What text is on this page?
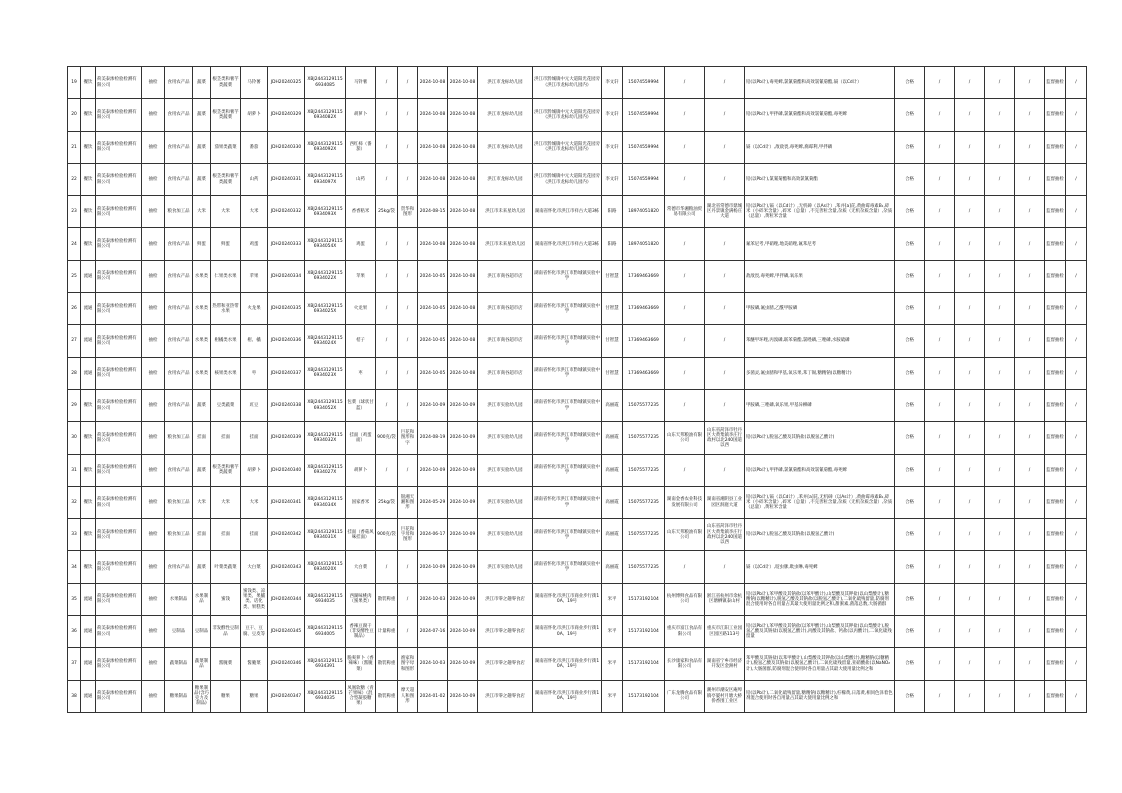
19	餐饮	荷美泰渗检验检测有限公司	抽检	食用农产品	蔬菜	根茎类和薯芋类蔬菜	马铃薯	JDH20240325	XBJ24431291156934085	马铃薯	/	/	2024-10-08	2024-10-08	洪江市龙标幼儿园	洪江市黔城镇中元大道阳光花园旁（洪江市龙标幼儿园内）	李文轩	15074559994	/	/	铅(以Pb计),毒死蜱,氯氰菊酯和高效氯氰菊酯,镉（以Cd计）	合格	/	/	/	/	监督抽检	/
20	餐饮	荷美泰渗检验检测有限公司	抽检	食用农产品	蔬菜	根茎类和薯芋类蔬菜	胡萝卜	JDH20240329	XBJ24431291156934082X	胡萝卜	/	/	2024-10-08	2024-10-08	洪江市龙标幼儿园	洪江市黔城镇中元大道阳光花园旁（洪江市龙标幼儿园内）	李文轩	15074559994	/	/	铅(以Pb计),甲拌磷,氯氰菊酯和高效氯氰菊酯,毒死蜱	合格	/	/	/	/	监督抽检	/
21	餐饮	荷美泰渗检验检测有限公司	抽检	食用农产品	蔬菜	茄果类蔬菜	番茄	JDH20240330	XBJ24431291156934092X	西红柿（番茄）	/	/	2024-10-08	2024-10-08	洪江市龙标幼儿园	洪江市黔城镇中元大道阳光花园旁（洪江市龙标幼儿园内）	李文轩	15074559994	/	/	镉（以Cd计）,敌敌畏,毒死蜱,腐霉利,甲拌磷	合格	/	/	/	/	监督抽检	/
22	餐饮	荷美泰渗检验检测有限公司	抽检	食用农产品	蔬菜	根茎类和薯芋类蔬菜	山药	JDH20240331	XBJ24431291156934097X	山药	/	/	2024-10-08	2024-10-08	洪江市龙标幼儿园	洪江市黔城镇中元大道阳光花园旁（洪江市龙标幼儿园内）	李文轩	15074559994	/	/	铅(以Pb计),氯氰菊酯和高效氯氰菊酯	合格	/	/	/	/	监督抽检	/
23	餐饮	荷美泰渗检验检测有限公司	抽检	粮食加工品	大米	大米	大米	JDH20240332	XBJ24431291156934093X	香香粘米	25kg/袋	贺华和图形	2024-08-15	2024-10-08	洪江市未来星幼儿园	湖南省怀化市洪江市祥古大道3栋	阳路	18974051820	常德市华湘粮油贸易有限公司	湖北省常德市鼎城区丹景镇金满杨庄大道	铅(以Pb计),镉（以Cd计）,无机砷（以As计）,苯并[a]芘,黄曲霉毒素B₁,碎米（小碎米含量）,碎米（总量）,不完善粒含量,杂质（无机杂质含量）,杂质（总量）,黄粒米含量	合格	/	/	/	/	监督抽检	/
24	餐饮	荷美泰渗检验检测有限公司	抽检	食用农产品	鲜蛋	鲜蛋	鸡蛋	JDH20240333	XBJ24431291156934054X	鸡蛋	/	/	2024-10-08	2024-10-08	洪江市未来星幼儿园	湖南省怀化市洪江市祥古大道3栋	阳路	18974051820	/	/	氟苯尼考,甲硝唑,地美硝唑,氟苯尼考	合格	/	/	/	/	监督抽检	/
25	流通	荷美泰渗检验检测有限公司	抽检	食用农产品	水果类	仁果类水果	苹果	JDH20240334	XBJ24431291156934022X	苹果	/	/	2024-10-05	2024-10-08	洪江市商谷超市店	湖南省怀化市洪江市黔城镇实验中学	甘智慧	17369463669	/	/	敌敌畏,毒死蜱,甲拌磷,氧乐果	合格	/	/	/	/	监督抽检	/
26	流通	荷美泰渗检验检测有限公司	抽检	食用农产品	水果类	热带和亚热带水果	火龙果	JDH20240335	XBJ24431291156934025X	火龙果	/	/	2024-10-05	2024-10-08	洪江市商谷超市店	湖南省怀化市洪江市黔城镇实验中学	甘智慧	17369463669	/	/	甲胺磷,氟虫腈,乙酰甲胺磷	合格	/	/	/	/	监督抽检	/
27	流通	荷美泰渗检验检测有限公司	抽检	食用农产品	水果类	柑橘类水果	柑、橘	JDH20240336	XBJ24431291156934024X	桔子	/	/	2024-10-05	2024-10-08	洪江市商谷超市店	湖南省怀化市洪江市黔城镇实验中学	甘智慧	17369463669	/	/	苯醚甲环唑,丙溴磷,联苯菊酯,氯唑磷,三唑磷,水胺硫磷	合格	/	/	/	/	监督抽检	/
28	流通	荷美泰渗检验检测有限公司	抽检	食用农产品	水果类	核果类水果	枣	JDH20240337	XBJ24431291156934023X	枣	/	/	2024-10-05	2024-10-08	洪江市商谷超市店	湖南省怀化市洪江市黔城镇实验中学	甘智慧	17369463669	/	/	多菌灵,氟虫腈和甲基,氧乐果,苯丁锡,糖精钠(以糖精计)	合格	/	/	/	/	监督抽检	/
29	餐饮	荷美泰渗检验检测有限公司	抽检	食用农产品	蔬菜	豆类蔬菜	豇豆	JDH20240338	XBJ24431291156934052X	包菜（球状甘蓝）	/	/	2024-10-09	2024-10-09	洪江市实验幼儿园	湖南省怀化市洪江市黔城镇实验中学	高丽霞	15075577235	/	/	甲胺磷,三唑磷,氧乐果,甲基异柳磷	合格	/	/	/	/	监督抽检	/
30	餐饮	荷美泰渗检验检测有限公司	抽检	粮食加工品	挂面	挂面	挂面	JDH20240339	XBJ24431291156934032X	挂面（鸡蛋面）	900克/袋	巨花和图形和字	2024-08-19	2024-10-09	洪江市实验幼儿园	湖南省怀化市洪江市黔城镇实验中学	高丽霞	15075577235	山东天邦粮油有限公司	山东省菏泽市牡丹区大黄集镇李庄行政村以北240国道以西	铅(以Pb计),脱氢乙酸及其钠盐(以脱氢乙酸计)	合格	/	/	/	/	监督抽检	/
31	餐饮	荷美泰渗检验检测有限公司	抽检	食用农产品	蔬菜	根茎类和薯芋类蔬菜	胡萝卜	JDH20240340	XBJ24431291156934027X	胡萝卜	/	/	2024-10-09	2024-10-09	洪江市实验幼儿园	湖南省怀化市洪江市黔城镇实验中学	高丽霞	15075577235	/	/	铅(以Pb计),甲拌磷,氯氰菊酯和高效氯氰菊酯,毒死蜱	合格	/	/	/	/	监督抽检	/
32	餐饮	荷美泰渗检验检测有限公司	抽检	粮食加工品	大米	大米	大米	JDH20240341	XBJ24431291156934034X	国家香米	25kg/袋	银湘天湘和图形	2024-05-29	2024-10-09	洪江市实验幼儿园	湖南省怀化市洪江市黔城镇实验中学	高丽霞	15075577235	湖南金香农业科技发展有限公司	湖南省湘阴县工业园区洞庭大道	铅(以Pb计),镉（以Cd计）,苯并[a]芘,无机砷（以As计）,黄曲霉毒素B₁,碎米（小碎米含量）,碎米（总量）,不完善粒含量,杂质（无机杂质含量）,杂质（总量）,黄粒米含量	合格	/	/	/	/	监督抽检	/
33	餐饮	荷美泰渗检验检测有限公司	抽检	粮食加工品	挂面	挂面	挂面	JDH20240342	XBJ24431291156934031X	挂面（香菇风味挂面）	900克/袋	巨花和字母和图形	2024-06-17	2024-10-09	洪江市实验幼儿园	湖南省怀化市洪江市黔城镇实验中学	高丽霞	15075577235	山东天邦粮油有限公司	山东省菏泽市牡丹区大黄集镇李庄行政村以北240国道以西	铅(以Pb计),脱氢乙酸及其钠盐(以脱氢乙酸计)	合格	/	/	/	/	监督抽检	/
34	餐饮	荷美泰渗检验检测有限公司	抽检	食用农产品	蔬菜	叶菜类蔬菜	大白菜	JDH20240343	XBJ24431291156934020X	大白菜	/	/	2024-10-09	2024-10-09	洪江市实验幼儿园	湖南省怀化市洪江市黔城镇实验中学	高丽霞	15075577235	/	/	镉（以Cd计）,啶虫脒,吡虫啉,毒死蜱	合格	/	/	/	/	监督抽检	/
35	流通	荷美泰渗检验检测有限公司	抽检	水果制品	水果制品	蜜饯	蜜饯类、凉果类、果脯类、话化类、果糕类	JDH20240344	XBJ24431291156934035	西湖味桃肉（蜜果类）	散装称重	/	2024-10-03	2024-10-09	洪江市零之趣零食店	湖南省怀化市洪江市商业步行街10A、19号	米平	15173192104	杭州博鲜食品有限公司	浙江省杭州市余杭区塘栖镇泰山村	铅(以Pb计),苯甲酸及其钠盐(以苯甲酸计),山梨酸及其钾盐(以山梨酸计),糖精钠(以糖精计),脱氢乙酸及其钠盐(以脱氢乙酸计),二氧化硫残留量,防腐剂混合使用时各自用量占其最大使用量比例之和,甜蜜素,菌落总数,大肠菌群	合格	/	/	/	/	监督抽检	/
36	流通	荷美泰渗检验检测有限公司	抽检	豆制品	豆制品	非发酵性豆制品	豆干、豆腐、豆皮等	JDH20240345	XBJ24431291156934005	香辣豆腐干（非发酵性豆制品）	计量称重	/	2024-07-16	2024-10-09	洪江市零之趣零食店	湖南省怀化市洪江市商业步行街10A、19号	米平	15173192104	重庆市富江食品有限公司	重庆市江阳工业园区园区路113号	铅(以Pb计),苯甲酸及其钠盐(以苯甲酸计),山梨酸及其钾盐(以山梨酸计),脱氢乙酸及其钠盐(以脱氢乙酸计),丙酸及其钠盐、钙盐(以丙酸计),二氧化硫残留量	合格	/	/	/	/	监督抽检	/
37	流通	荷美泰渗检验检测有限公司	抽检	蔬菜制品	蔬菜制品	酱腌菜	酱腌菜	JDH20240346	XBJ24431291156934391	脆爽萝卜（香辣味）（酱腌菜）	散装称重	渔家和图字母和图形	2024-10-03	2024-10-09	洪江市零之趣零食店	湖南省怀化市洪江市商业步行街10A、19号	米平	15173192104	长沙康家和食品有限公司	湖南省宁乡市经济开发区金洲村	苯甲酸及其钠盐(以苯甲酸计),山梨酸及其钾盐(以山梨酸计),糖精钠(以糖精计),脱氢乙酸及其钠盐(以脱氢乙酸计),二氧化硫残留量,亚硝酸盐(以NaNO₂计),大肠菌群,防腐剂混合使用时各自用量占其最大使用量比例之和	合格	/	/	/	/	监督抽检	/
38	流通	荷美泰渗检验检测有限公司	抽检	糖果制品	糖果制品(含巧克力及制品)	糖果	糖果	JDH20240347	XBJ24431291156934035	凤凰软糖（青芒果味）（混合型凝胶糖果）	散装称重	摩天超人和图形	2024-01-02	2024-10-09	洪江市零之趣零食店	湖南省怀化市洪江市商业步行街10A、19号	米平	15173192104	广东龙腾食品有限公司	潮州市潮安区庵埠镇亭厦村月塘大桥侨香围工业区	铅(以Pb计),二氧化硫残留量,糖精钠(以糖精计),柠檬黄,日落黄,相同色泽着色剂混合使用时各自用量占其最大使用量比例之和	合格	/	/	/	/	监督抽检	/
